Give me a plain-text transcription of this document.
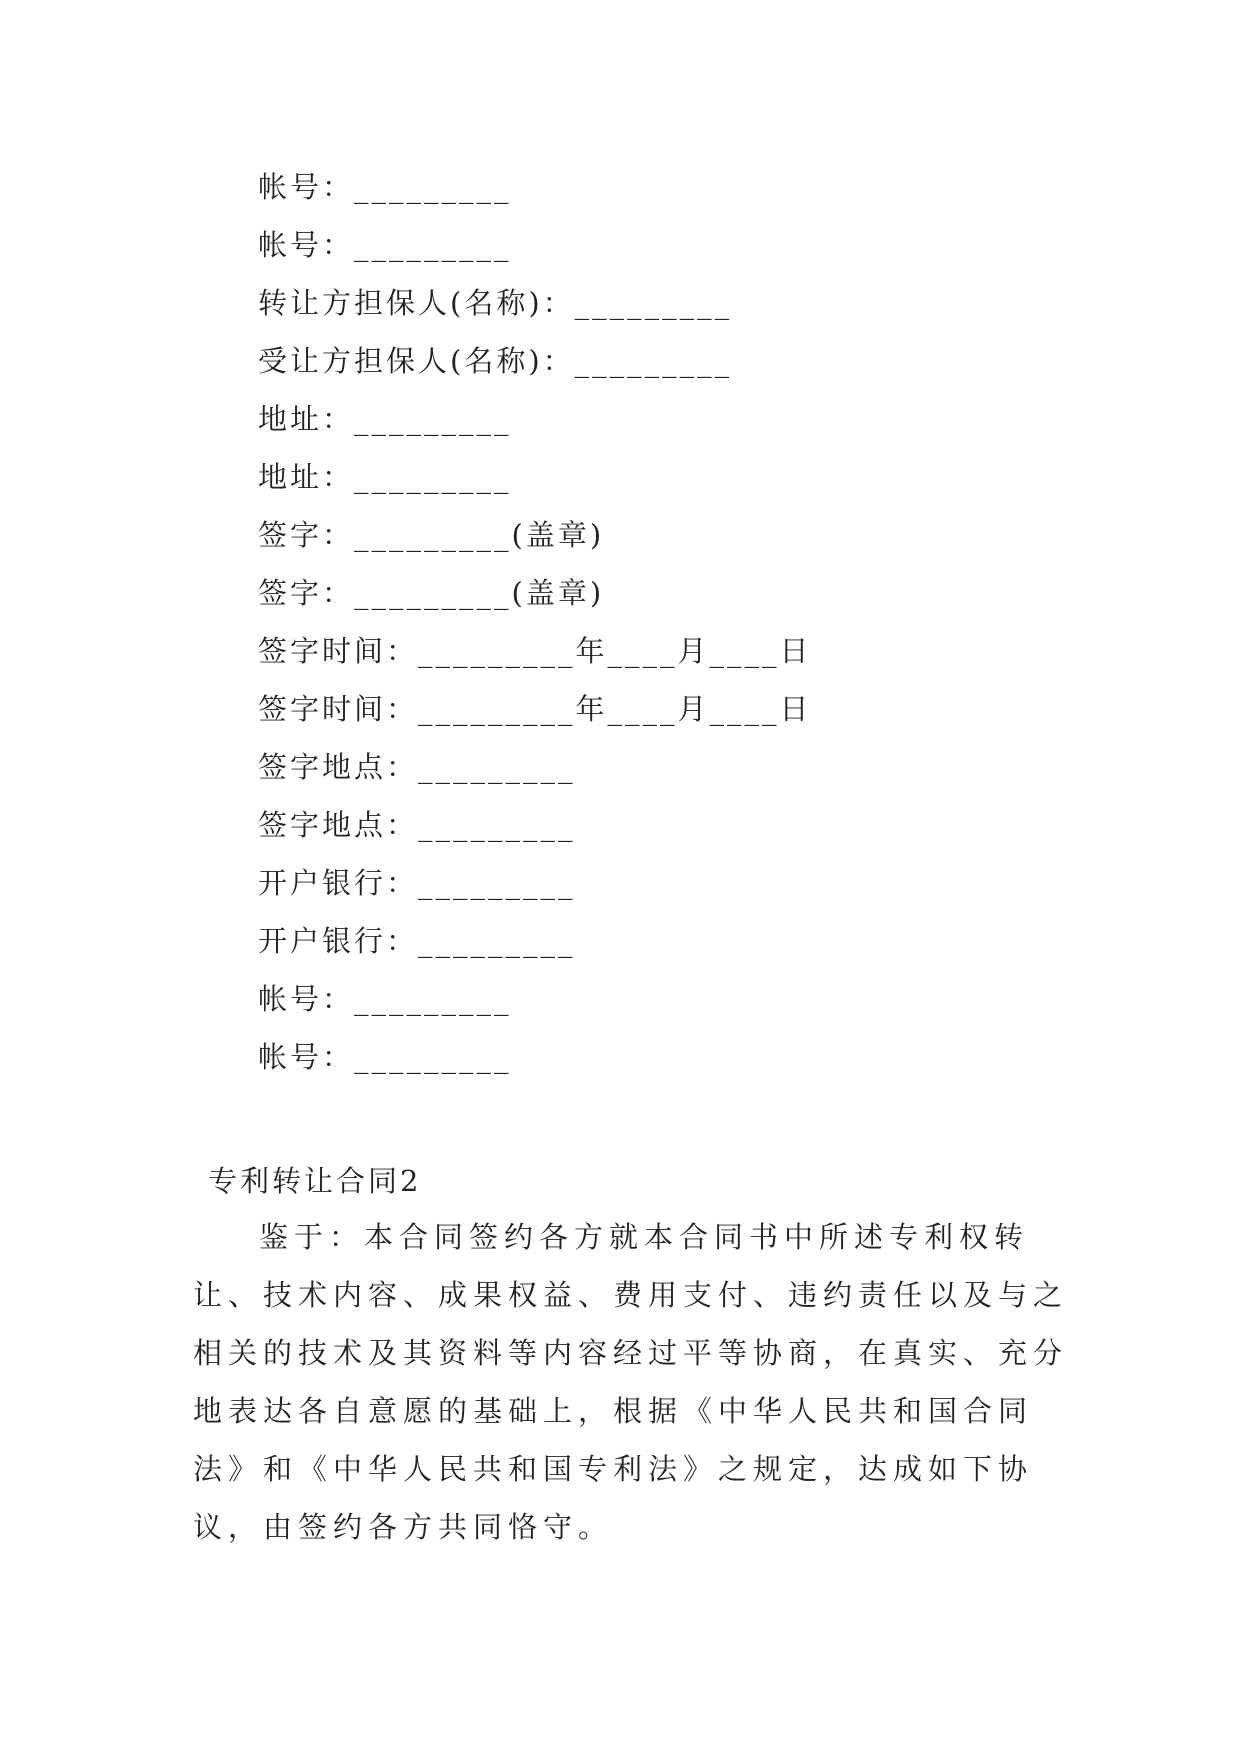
帐号：_________
帐号：_________
转让方担保人(名称)：_________
受让方担保人(名称)：_________
地址：_________
地址：_________
签字：_________(盖章)
签字：_________(盖章)
签字时间：_________年____月____日
签字时间：_________年____月____日
签字地点：_________
签字地点：_________
开户银行：_________
开户银行：_________
帐号：_________
帐号：_________
专利转让合同2

鉴于：本合同签约各方就本合同书中所述专利权转让、技术内容、成果权益、费用支付、违约责任以及与之相关的技术及其资料等内容经过平等协商，在真实、充分地表达各自意愿的基础上，根据《中华人民共和国合同法》和《中华人民共和国专利法》之规定，达成如下协议，由签约各方共同恪守。
